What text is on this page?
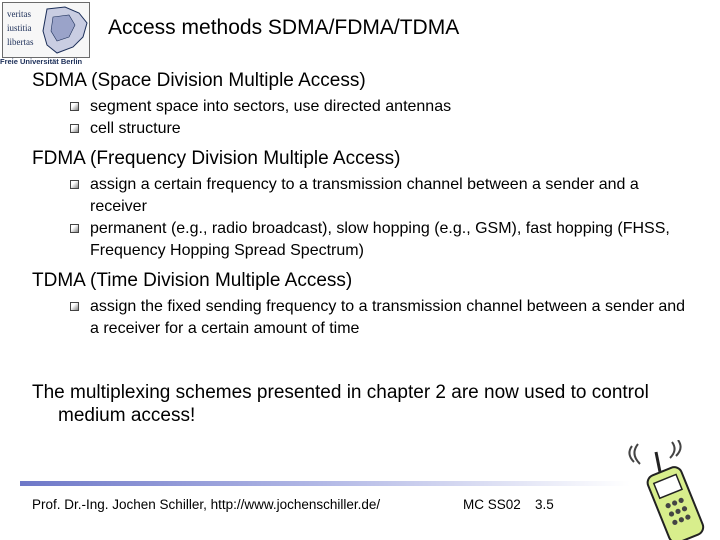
veritas
iustitia
libertas
Freie Universität Berlin
Access methods SDMA/FDMA/TDMA

SDMA (Space Division Multiple Access)

segment space into sectors, use directed antennas
cell structure

FDMA (Frequency Division Multiple Access)

assign a certain frequency to a transmission channel between a sender and a receiver
permanent (e.g., radio broadcast), slow hopping (e.g., GSM), fast hopping (FHSS, Frequency Hopping Spread Spectrum)

TDMA (Time Division Multiple Access)

assign the fixed sending frequency to a transmission channel between a sender and a receiver for a certain amount of time
The multiplexing schemes presented in chapter 2 are now used to control
medium access!
Prof. Dr.-Ing. Jochen Schiller, http://www.jochenschiller.de/	MC SS02 3.5
